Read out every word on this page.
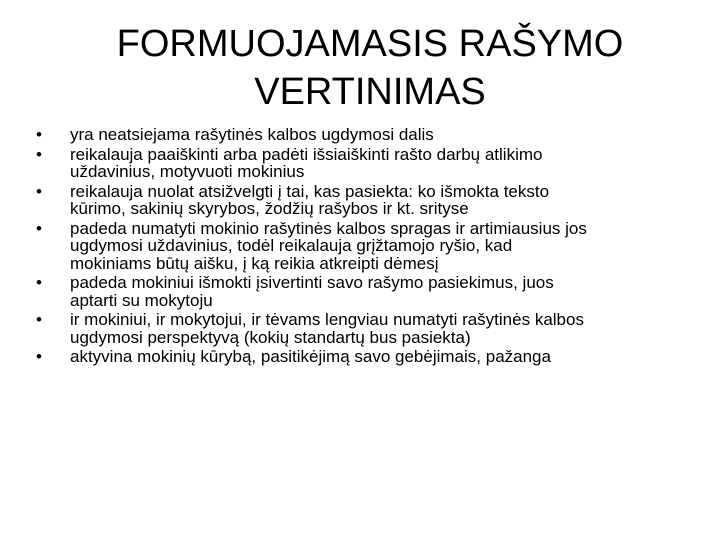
FORMUOJAMASIS RAŠYMO
VERTINIMAS
•	yra neatsiejama rašytinės kalbos ugdymosi dalis
•	reikalauja paaiškinti arba padėti išsiaiškinti rašto darbų atlikimo
uždavinius, motyvuoti mokinius
•	reikalauja nuolat atsižvelgti į tai, kas pasiekta: ko išmokta teksto
kūrimo, sakinių skyrybos, žodžių rašybos ir kt. srityse
•	padeda numatyti mokinio rašytinės kalbos spragas ir artimiausius jos
ugdymosi uždavinius, todėl reikalauja grįžtamojo ryšio, kad
mokiniams būtų aišku, į ką reikia atkreipti dėmesį
•	padeda mokiniui išmokti įsivertinti savo rašymo pasiekimus, juos
aptarti su mokytoju
•	ir mokiniui, ir mokytojui, ir tėvams lengviau numatyti rašytinės kalbos
ugdymosi perspektyvą (kokių standartų bus pasiekta)
•	aktyvina mokinių kūrybą, pasitikėjimą savo gebėjimais, pažanga
